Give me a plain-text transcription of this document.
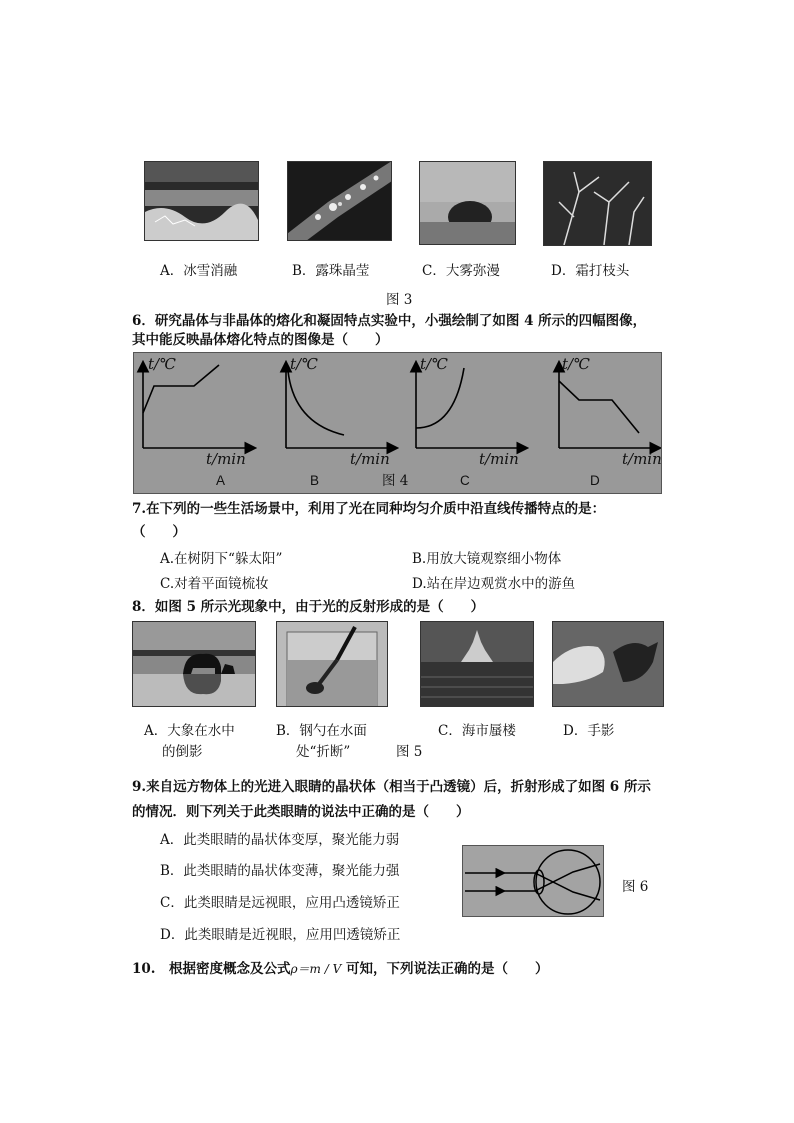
A．冰雪消融	B．露珠晶莹	C．大雾弥漫	D．霜打枝头
图 3
6．研究晶体与非晶体的熔化和凝固特点实验中，小强绘制了如图 4 所示的四幅图像，
其中能反映晶体熔化特点的图像是（　　）
t/℃	t/℃	t/℃	t/℃
t/min	t/min	t/min	t/min
A	B	图 4	C	D
7.在下列的一些生活场景中，利用了光在同种均匀介质中沿直线传播特点的是：
（　　）
A.在树阴下“躲太阳”	B.用放大镜观察细小物体
C.对着平面镜梳妆	D.站在岸边观赏水中的游鱼
8．如图 5 所示光现象中，由于光的反射形成的是（　　）
A．大象在水中
的倒影
B．钢勺在水面
处“折断”	图 5
C．海市蜃楼	D．手影
9.来自远方物体上的光进入眼睛的晶状体（相当于凸透镜）后，折射形成了如图 6 所示
的情况．则下列关于此类眼睛的说法中正确的是（　　）
A．此类眼睛的晶状体变厚，聚光能力弱
B．此类眼睛的晶状体变薄，聚光能力强
C．此类眼睛是远视眼，应用凸透镜矫正
D．此类眼睛是近视眼，应用凹透镜矫正
图 6
10.　根据密度概念及公式ρ＝m / V 可知，下列说法正确的是（　　）
